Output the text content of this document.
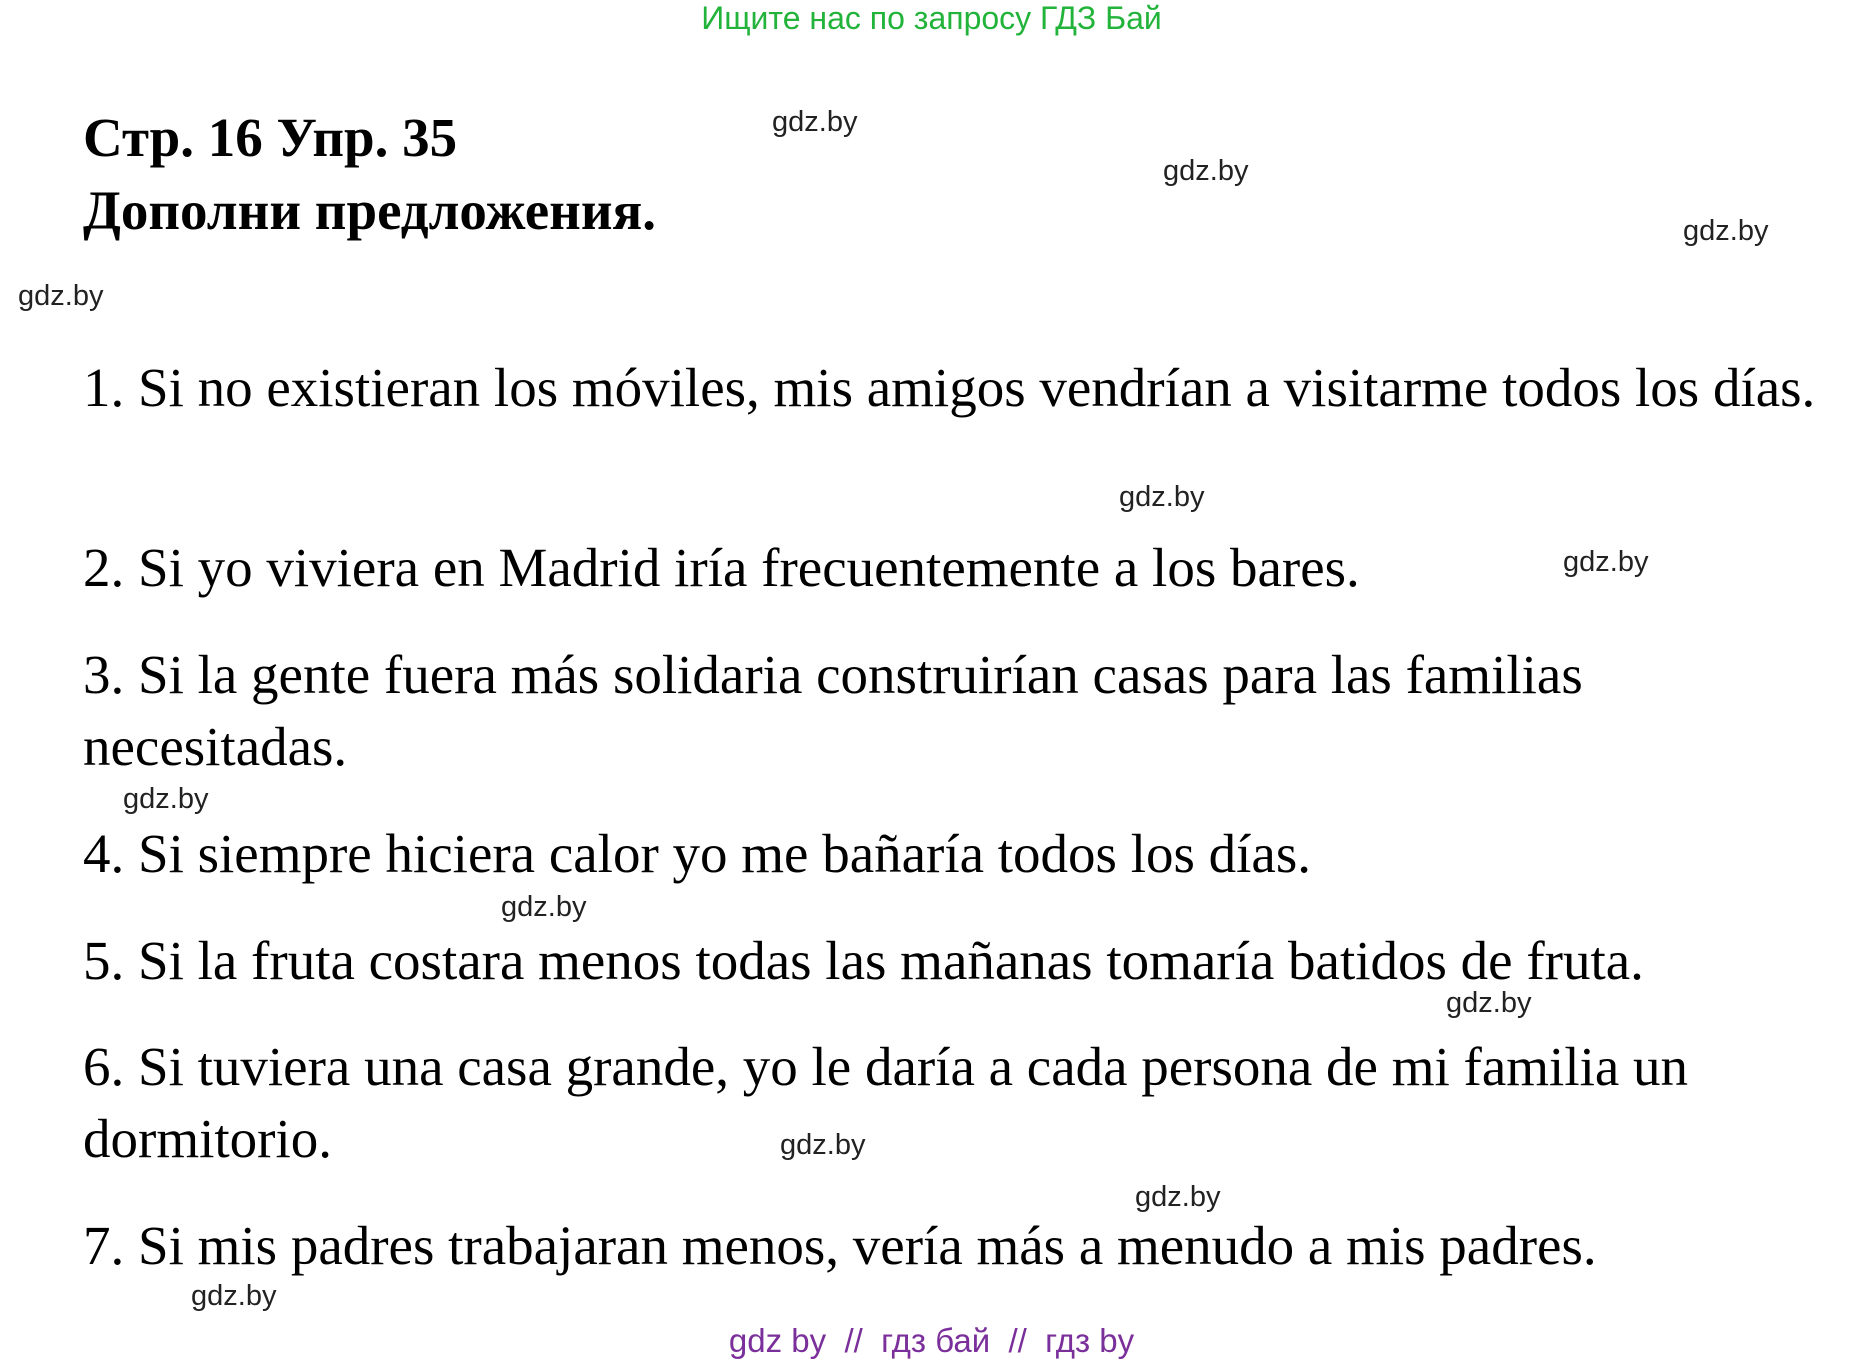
Ищите нас по запросу ГДЗ Бай
Стр. 16 Упр. 35
Дополни предложения.
1. Si no existieran los móviles, mis amigos vendrían a visitarme todos los días.
2. Si yo viviera en Madrid iría frecuentemente a los bares.
3. Si la gente fuera más solidaria construirían casas para las familias necesitadas.
4. Si siempre hiciera calor yo me bañaría todos los días.
5. Si la fruta costara menos todas las mañanas tomaría batidos de fruta.
6. Si tuviera una casa grande, yo le daría a cada persona de mi familia un dormitorio.
7. Si mis padres trabajaran menos, vería más a menudo a mis padres.
gdz.by
gdz.by
gdz.by
gdz.by
gdz.by
gdz.by
gdz.by
gdz.by
gdz.by
gdz.by
gdz.by
gdz.by
gdz by  //  гдз бай  //  гдз by
